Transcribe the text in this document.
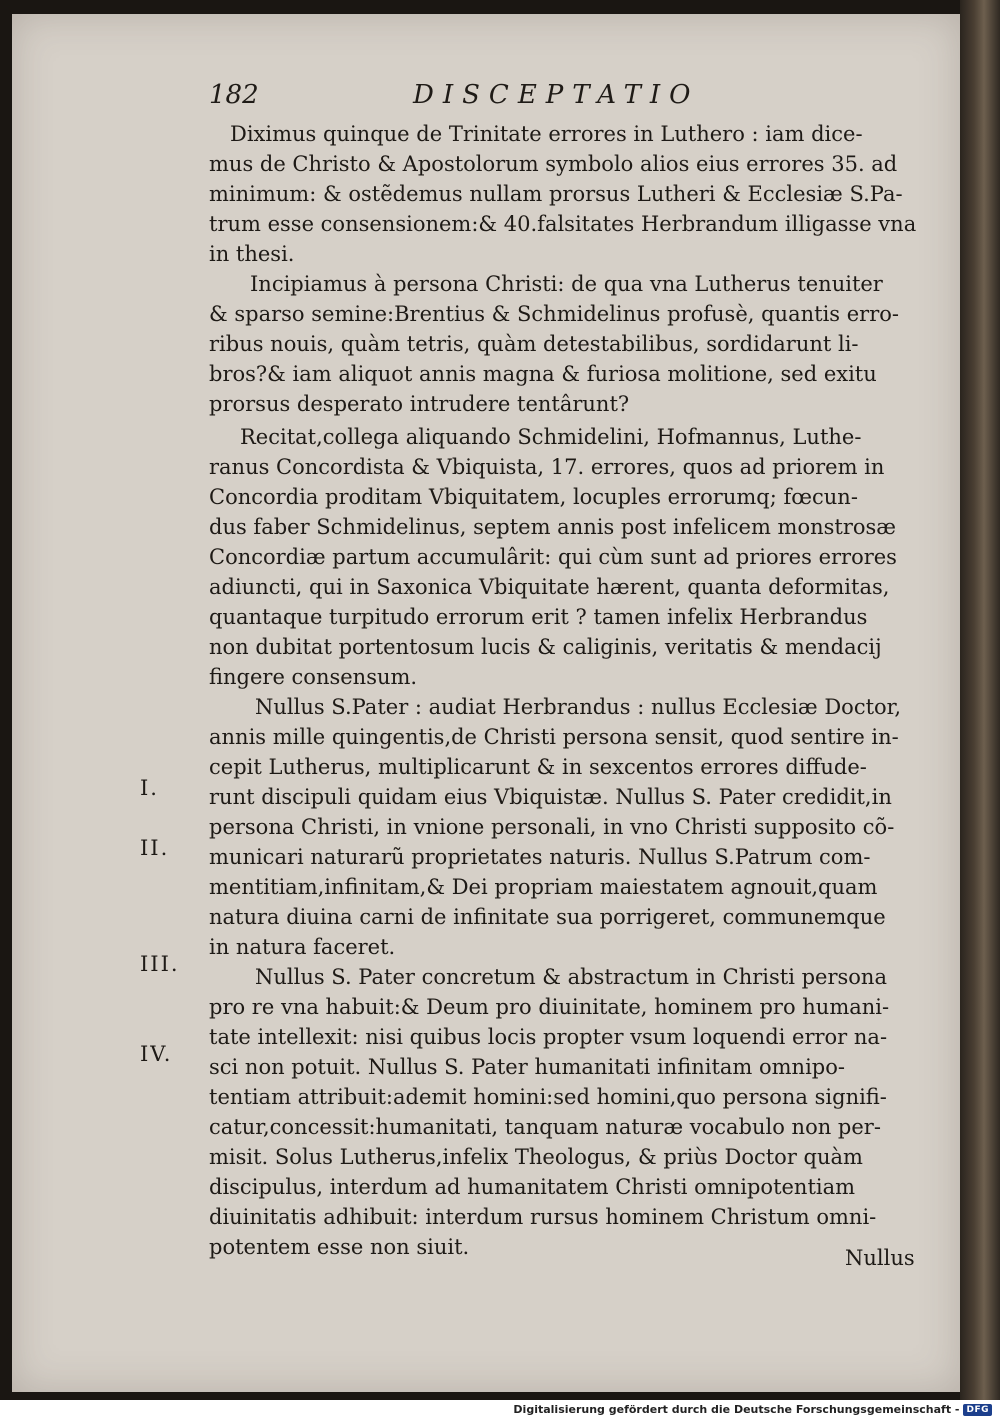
182	DISCEPTATIO
Diximus quinque de Trinitate errores in Luthero : iam dice-
mus de Christo & Apostolorum symbolo alios eius errores 35. ad
minimum: & ostẽdemus nullam prorsus Lutheri & Ecclesiæ S.Pa-
trum esse consensionem:& 40.falsitates Herbrandum illigasse vna
in thesi.
Incipiamus à persona Christi: de qua vna Lutherus tenuiter
& sparso semine:Brentius & Schmidelinus profusè, quantis erro-
ribus nouis, quàm tetris, quàm detestabilibus, sordidarunt li-
bros?& iam aliquot annis magna & furiosa molitione, sed exitu
prorsus desperato intrudere tentârunt?
Recitat,collega aliquando Schmidelini, Hofmannus, Luthe-
ranus Concordista & Vbiquista, 17. errores, quos ad priorem in
Concordia proditam Vbiquitatem, locuples errorumq; fœcun-
dus faber Schmidelinus, septem annis post infelicem monstrosæ
Concordiæ partum accumulârit: qui cùm sunt ad priores errores
adiuncti, qui in Saxonica Vbiquitate hærent, quanta deformitas,
quantaque turpitudo errorum erit ? tamen infelix Herbrandus
non dubitat portentosum lucis & caliginis, veritatis & mendacij
fingere consensum.
Nullus S.Pater : audiat Herbrandus : nullus Ecclesiæ Doctor,
annis mille quingentis,de Christi persona sensit, quod sentire in-
cepit Lutherus, multiplicarunt & in sexcentos errores diffude-
runt discipuli quidam eius Vbiquistæ. Nullus S. Pater credidit,in
persona Christi, in vnione personali, in vno Christi supposito cõ-
municari naturarũ proprietates naturis. Nullus S.Patrum com-
mentitiam,infinitam,& Dei propriam maiestatem agnouit,quam
natura diuina carni de infinitate sua porrigeret, communemque
in natura faceret.
Nullus S. Pater concretum & abstractum in Christi persona
pro re vna habuit:& Deum pro diuinitate, hominem pro humani-
tate intellexit: nisi quibus locis propter vsum loquendi error na-
sci non potuit. Nullus S. Pater humanitati infinitam omnipo-
tentiam attribuit:ademit homini:sed homini,quo persona signifi-
catur,concessit:humanitati, tanquam naturæ vocabulo non per-
misit. Solus Lutherus,infelix Theologus, & priùs Doctor quàm
discipulus, interdum ad humanitatem Christi omnipotentiam
diuinitatis adhibuit: interdum rursus hominem Christum omni-
potentem esse non siuit.
I.
II.
III.
IV.
Nullus
Digitalisierung gefördert durch die Deutsche Forschungsgemeinschaft - DFG
